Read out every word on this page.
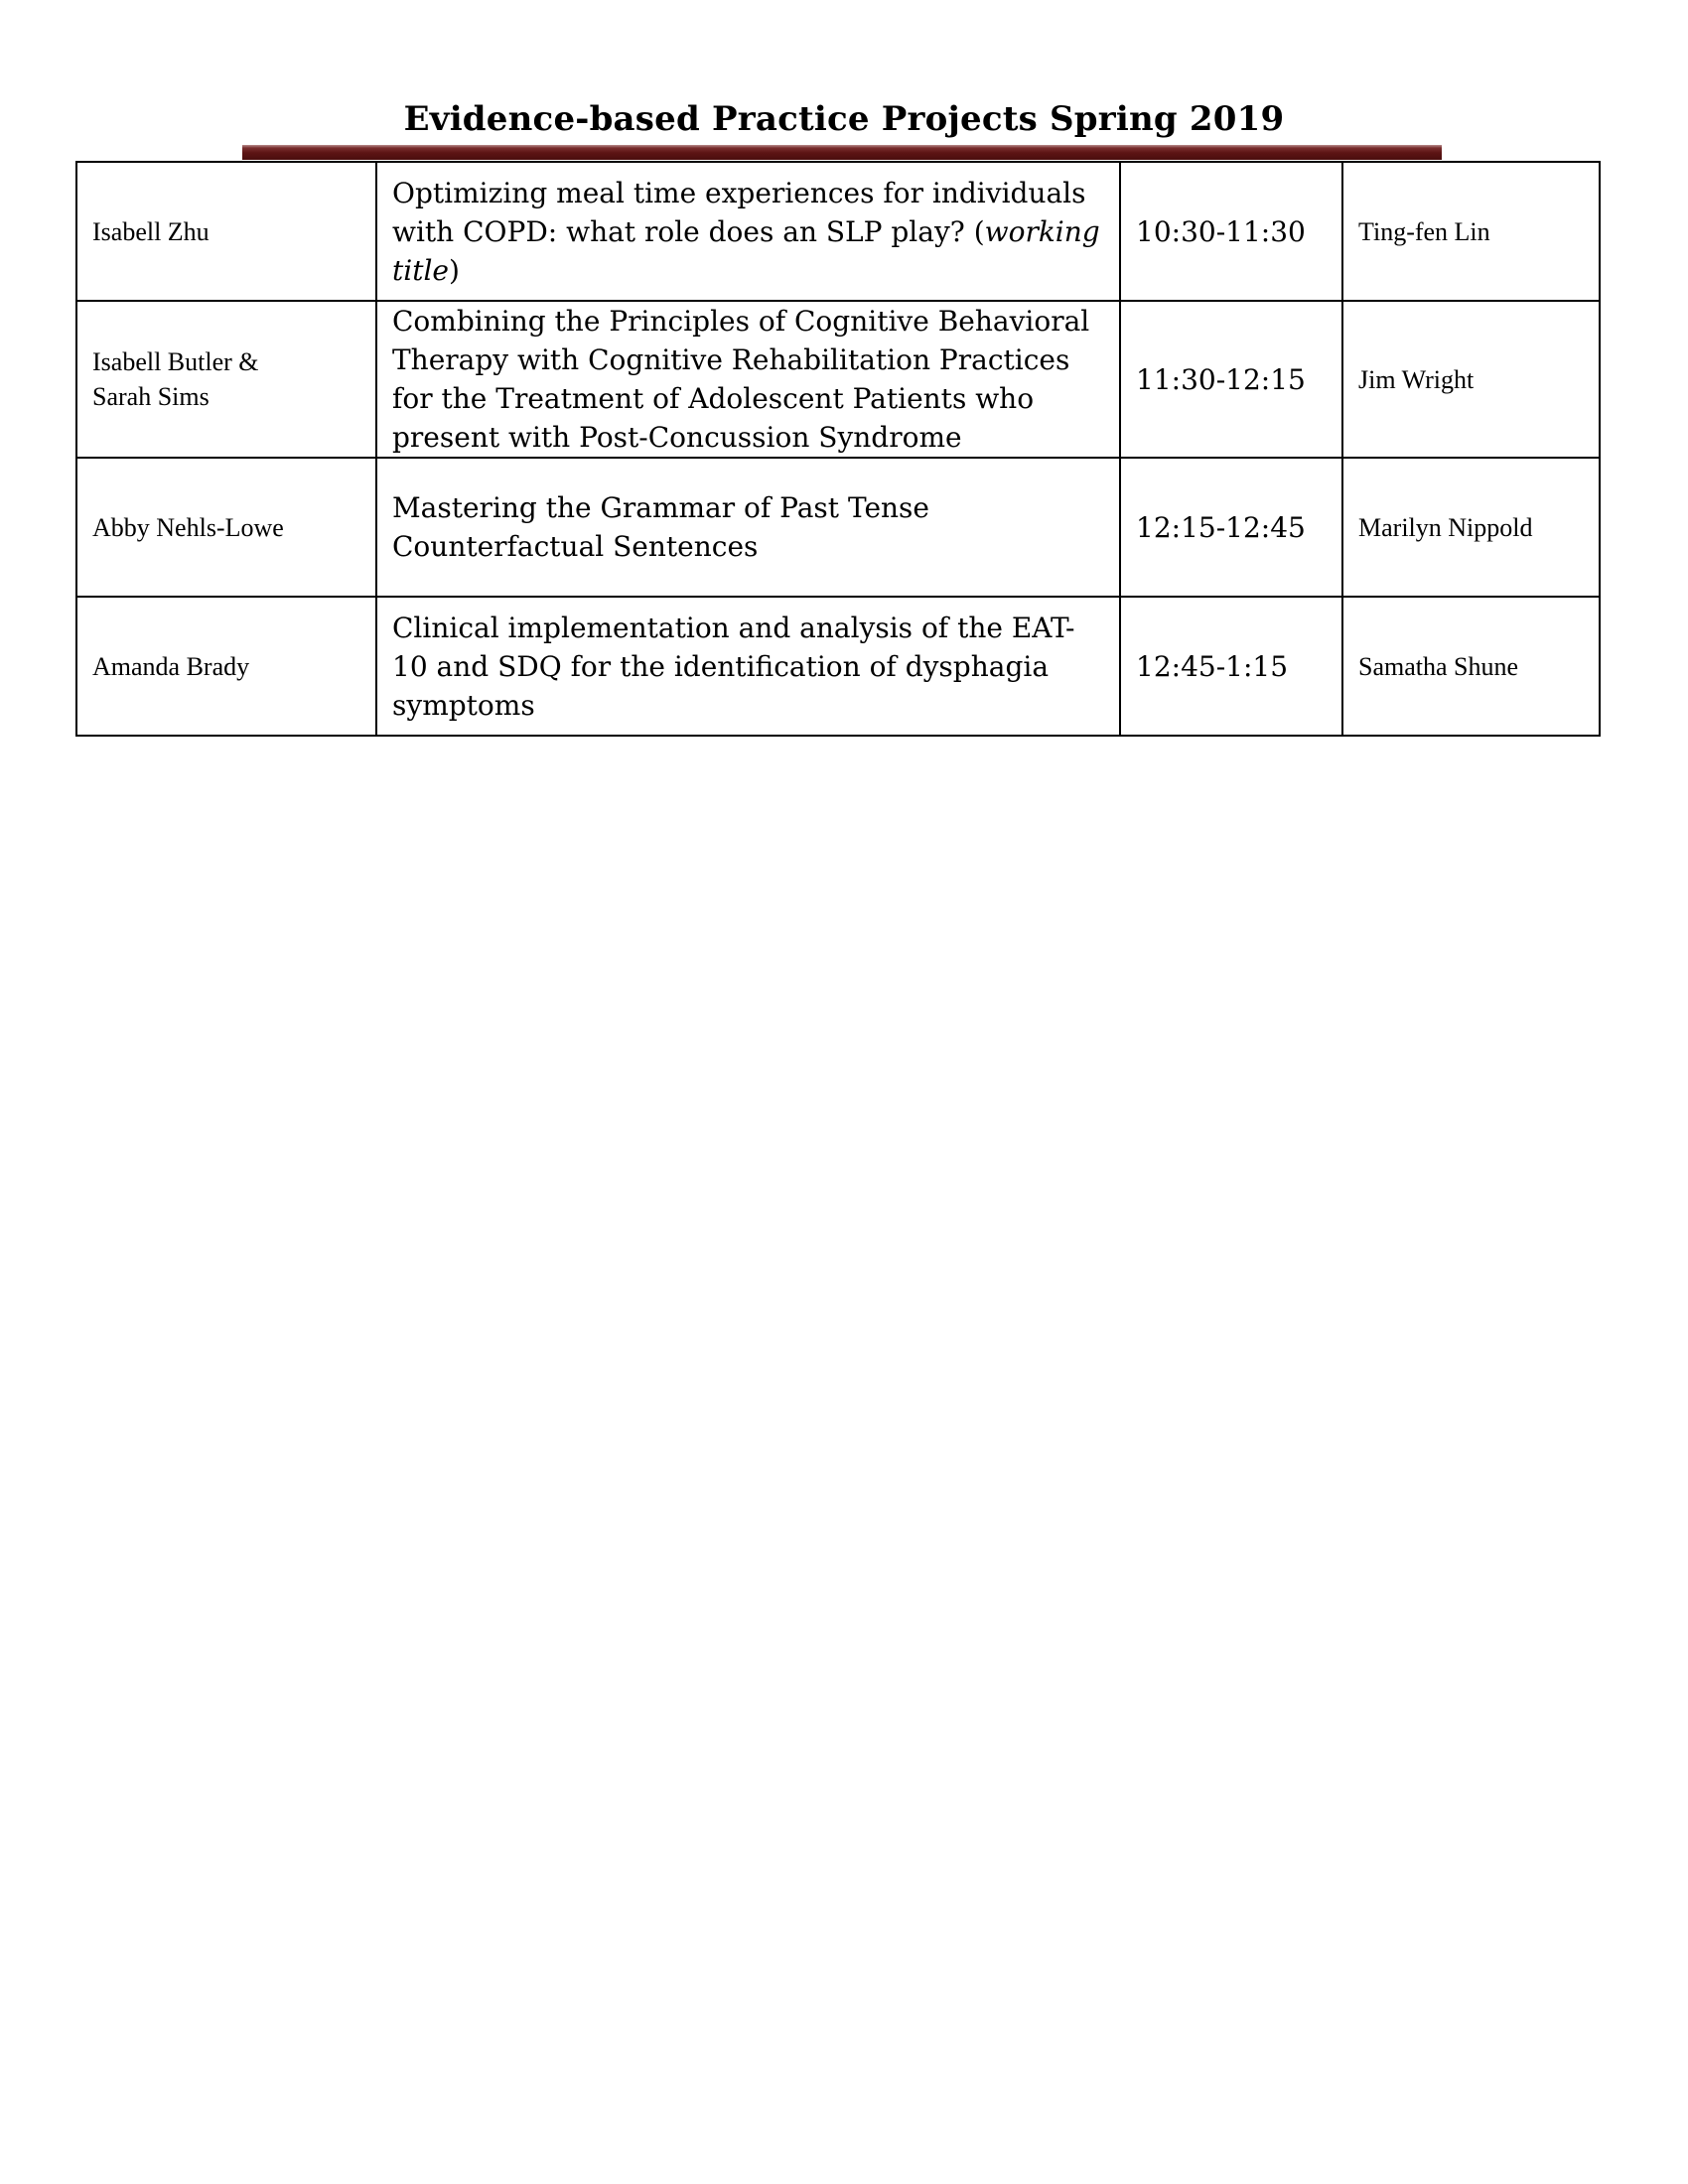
Evidence-based Practice Projects Spring 2019
Isabell Zhu	Optimizing meal time experiences for individuals with COPD: what role does an SLP play? (working title)	10:30-11:30	Ting-fen Lin

Isabell Butler &
Sarah Sims	Combining the Principles of Cognitive Behavioral Therapy with Cognitive Rehabilitation Practices for the Treatment of Adolescent Patients who present with Post-Concussion Syndrome	11:30-12:15	Jim Wright

Abby Nehls-Lowe	Mastering the Grammar of Past Tense Counterfactual Sentences	12:15-12:45	Marilyn Nippold

Amanda Brady	Clinical implementation and analysis of the EAT-10 and SDQ for the identification of dysphagia symptoms	12:45-1:15	Samatha Shune
